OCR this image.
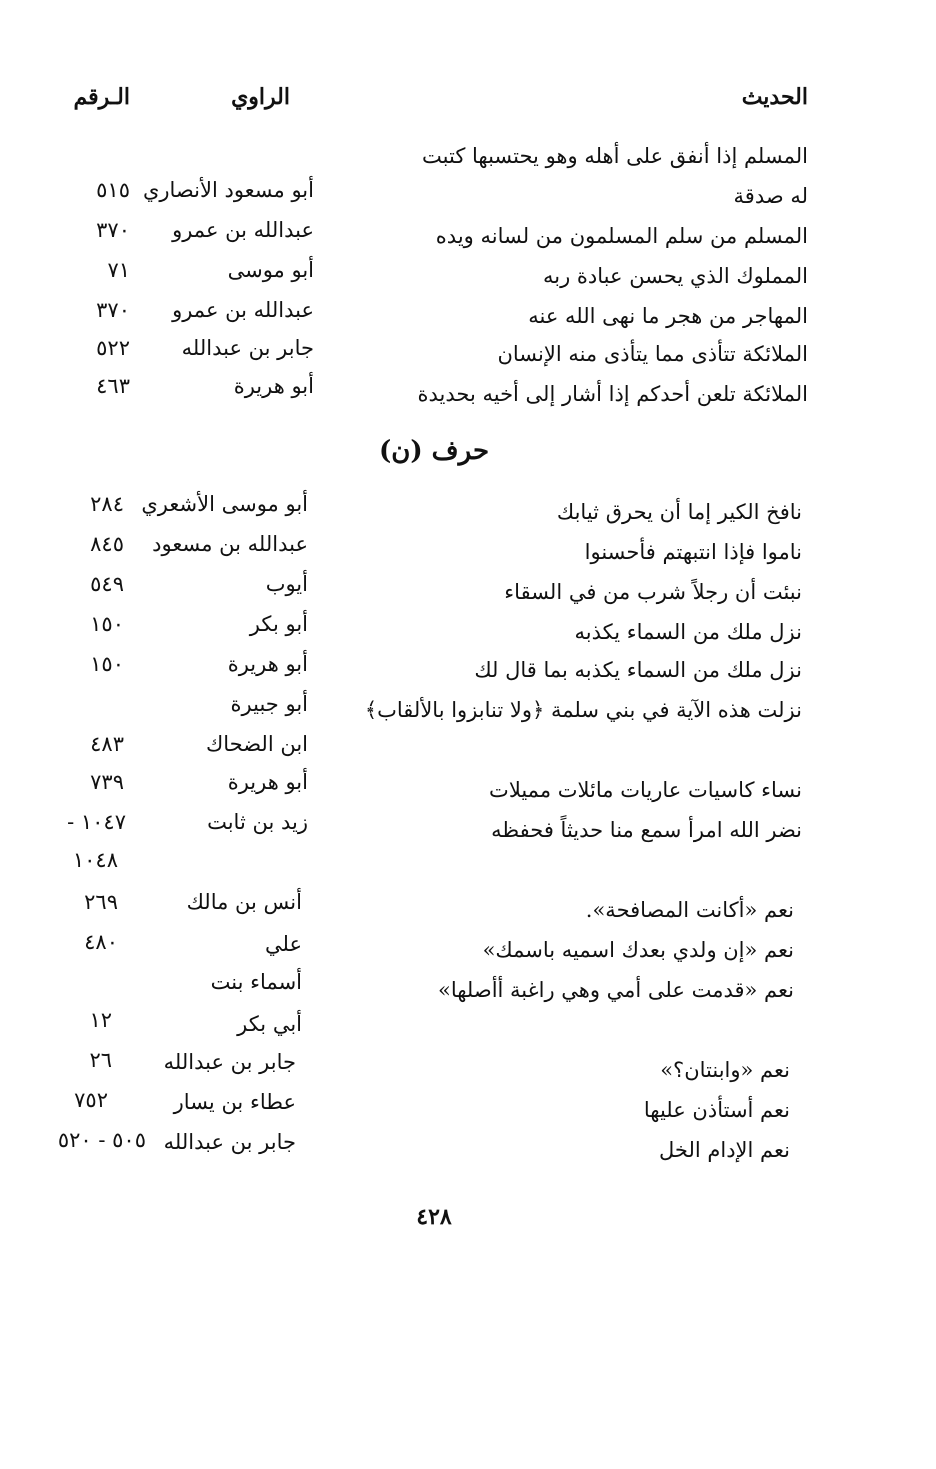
الحديث
الراوي
الـرقم
المسلم إذا أنفق على أهله وهو يحتسبها كتبت
له صدقة
أبو مسعود الأنصاري
٥١٥
المسلم من سلم المسلمون من لسانه ويده
عبدالله بن عمرو
٣٧٠
المملوك الذي يحسن عبادة ربه
أبو موسى
٧١
المهاجر من هجر ما نهى الله عنه
عبدالله بن عمرو
٣٧٠
الملائكة تتأذى مما يتأذى منه الإنسان
جابر بن عبدالله
٥٢٢
الملائكة تلعن أحدكم إذا أشار إلى أخيه بحديدة
أبو هريرة
٤٦٣
حرف (ن)
نافخ الكير إما أن يحرق ثيابك
أبو موسى الأشعري
٢٨٤
ناموا فإذا انتبهتم فأحسنوا
عبدالله بن مسعود
٨٤٥
نبئت أن رجلاً شرب من في السقاء
أيوب
٥٤٩
نزل ملك من السماء يكذبه
أبو بكر
١٥٠
نزل ملك من السماء يكذبه بما قال لك
أبو هريرة
١٥٠
نزلت هذه الآية في بني سلمة ﴿ولا تنابزوا بالألقاب﴾
أبو جبيرة
ابن الضحاك
٤٨٣
نساء كاسيات عاريات مائلات مميلات
أبو هريرة
٧٣٩
نضر الله امرأ سمع منا حديثاً فحفظه
زيد بن ثابت
١٠٤٧ -
١٠٤٨
نعم «أكانت المصافحة».
أنس بن مالك
٢٦٩
نعم «إن ولدي بعدك اسميه باسمك»
علي
٤٨٠
نعم «قدمت على أمي وهي راغبة أأصلها»
أسماء بنت
أبي بكر
١٢
نعم «وابنتان؟»
جابر بن عبدالله
٢٦
نعم أستأذن عليها
عطاء بن يسار
٧٥٢
نعم الإدام الخل
جابر بن عبدالله
٥٠٥ - ٥٢٠
٤٢٨
